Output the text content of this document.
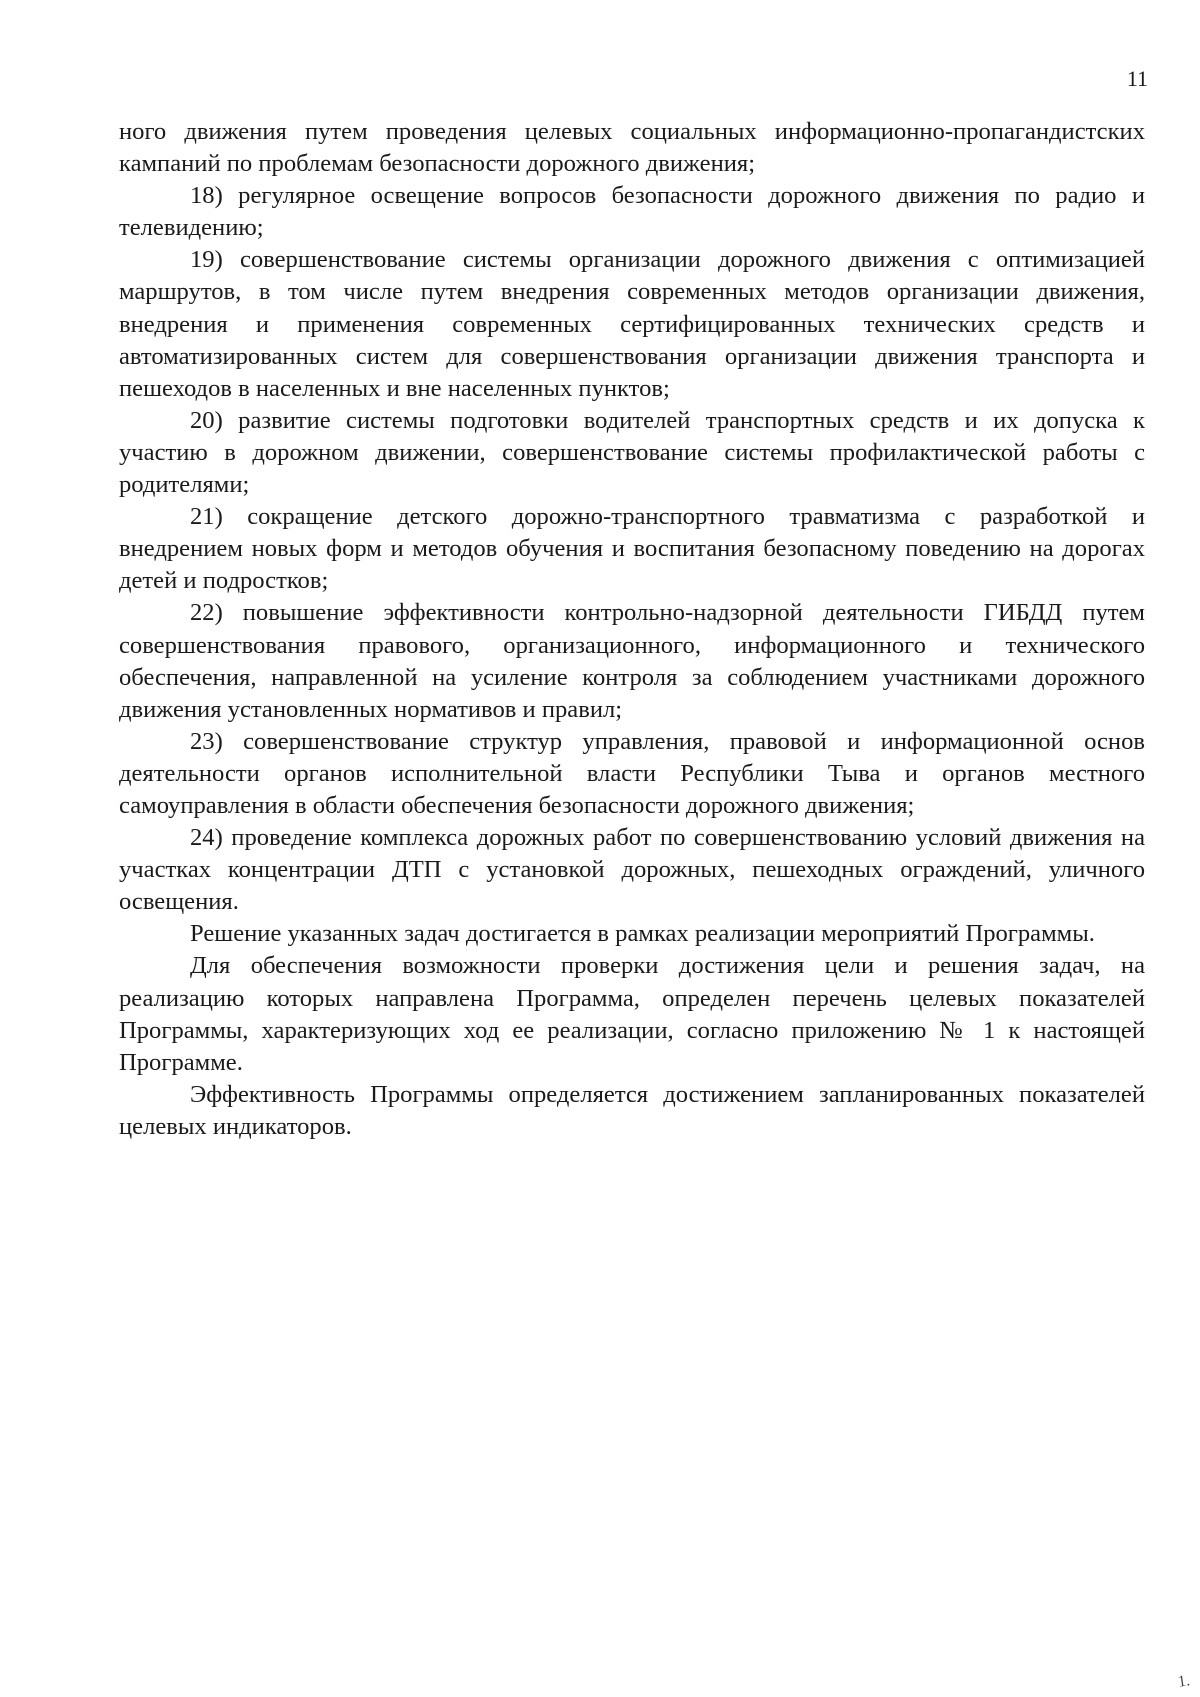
11

ного движения путем проведения целевых социальных информационно-пропагандистских кампаний по проблемам безопасности дорожного движения;

18) регулярное освещение вопросов безопасности дорожного движения по радио и телевидению;

19) совершенствование системы организации дорожного движения с оптимизацией маршрутов, в том числе путем внедрения современных методов организации движения, внедрения и применения современных сертифицированных технических средств и автоматизированных систем для совершенствования организации движения транспорта и пешеходов в населенных и вне населенных пунктов;

20) развитие системы подготовки водителей транспортных средств и их допуска к участию в дорожном движении, совершенствование системы профилактической работы с родителями;

21) сокращение детского дорожно-транспортного травматизма с разработкой и внедрением новых форм и методов обучения и воспитания безопасному поведению на дорогах детей и подростков;

22) повышение эффективности контрольно-надзорной деятельности ГИБДД путем совершенствования правового, организационного, информационного и технического обеспечения, направленной на усиление контроля за соблюдением участниками дорожного движения установленных нормативов и правил;

23) совершенствование структур управления, правовой и информационной основ деятельности органов исполнительной власти Республики Тыва и органов местного самоуправления в области обеспечения безопасности дорожного движения;

24) проведение комплекса дорожных работ по совершенствованию условий движения на участках концентрации ДТП с установкой дорожных, пешеходных ограждений, уличного освещения.

Решение указанных задач достигается в рамках реализации мероприятий Программы.

Для обеспечения возможности проверки достижения цели и решения задач, на реализацию которых направлена Программа, определен перечень целевых показателей Программы, характеризующих ход ее реализации, согласно приложению № 1 к настоящей Программе.

Эффективность Программы определяется достижением запланированных показателей целевых индикаторов.

1.
